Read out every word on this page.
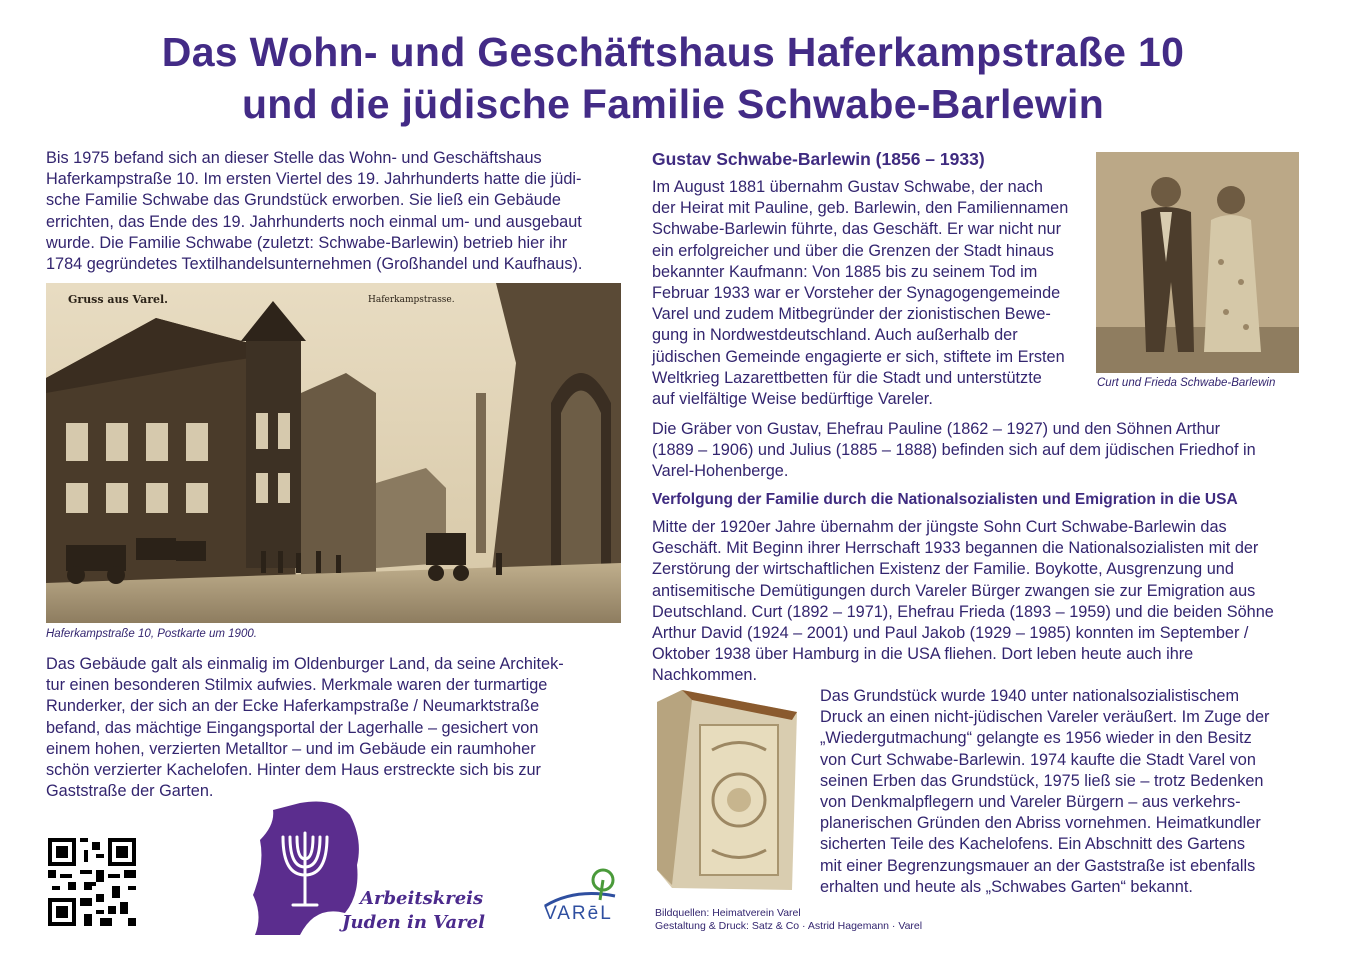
Das Wohn- und Geschäftshaus Haferkampstraße 10
und die jüdische Familie Schwabe-Barlewin
Bis 1975 befand sich an dieser Stelle das Wohn- und Geschäftshaus
Haferkampstraße 10. Im ersten Viertel des 19. Jahrhunderts hatte die jüdi-
sche Familie Schwabe das Grundstück erworben. Sie ließ ein Gebäude
errichten, das Ende des 19. Jahrhunderts noch einmal um- und ausgebaut
wurde. Die Familie Schwabe (zuletzt: Schwabe-Barlewin) betrieb hier ihr
1784 gegründetes Textilhandelsunternehmen (Großhandel und Kaufhaus).
Gruss aus Varel.	Haferkampstrasse.
Haferkampstraße 10, Postkarte um 1900.
Das Gebäude galt als einmalig im Oldenburger Land, da seine Architek-
tur einen besonderen Stilmix aufwies. Merkmale waren der turmartige
Runderker, der sich an der Ecke Haferkampstraße / Neumarktstraße
befand, das mächtige Eingangsportal der Lagerhalle – gesichert von
einem hohen, verzierten Metalltor – und im Gebäude ein raumhoher
schön verzierter Kachelofen. Hinter dem Haus erstreckte sich bis zur
Gaststraße der Garten.
Arbeitskreis
Juden in Varel	VARēL
Gustav Schwabe-Barlewin (1856 – 1933)
Im August 1881 übernahm Gustav Schwabe, der nach
der Heirat mit Pauline, geb. Barlewin, den Familiennamen
Schwabe-Barlewin führte, das Geschäft. Er war nicht nur
ein erfolgreicher und über die Grenzen der Stadt hinaus
bekannter Kaufmann: Von 1885 bis zu seinem Tod im
Februar 1933 war er Vorsteher der Synagogengemeinde
Varel und zudem Mitbegründer der zionistischen Bewe-
gung in Nordwestdeutschland. Auch außerhalb der
jüdischen Gemeinde engagierte er sich, stiftete im Ersten
Weltkrieg Lazarettbetten für die Stadt und unterstützte
auf vielfältige Weise bedürftige Vareler.
Curt und Frieda Schwabe-Barlewin
Die Gräber von Gustav, Ehefrau Pauline (1862 – 1927) und den Söhnen Arthur
(1889 – 1906) und Julius (1885 – 1888) befinden sich auf dem jüdischen Friedhof in
Varel-Hohenberge.
Verfolgung der Familie durch die Nationalsozialisten und Emigration in die USA
Mitte der 1920er Jahre übernahm der jüngste Sohn Curt Schwabe-Barlewin das
Geschäft. Mit Beginn ihrer Herrschaft 1933 begannen die Nationalsozialisten mit der
Zerstörung der wirtschaftlichen Existenz der Familie. Boykotte, Ausgrenzung und
antisemitische Demütigungen durch Vareler Bürger zwangen sie zur Emigration aus
Deutschland. Curt (1892 – 1971), Ehefrau Frieda (1893 – 1959) und die beiden Söhne
Arthur David (1924 – 2001) und Paul Jakob (1929 – 1985) konnten im September /
Oktober 1938 über Hamburg in die USA fliehen. Dort leben heute auch ihre
Nachkommen.
Das Grundstück wurde 1940 unter nationalsozialistischem
Druck an einen nicht-jüdischen Vareler veräußert. Im Zuge der
„Wiedergutmachung“ gelangte es 1956 wieder in den Besitz
von Curt Schwabe-Barlewin. 1974 kaufte die Stadt Varel von
seinen Erben das Grundstück, 1975 ließ sie – trotz Bedenken
von Denkmalpflegern und Vareler Bürgern – aus verkehrs-
planerischen Gründen den Abriss vornehmen. Heimatkundler
sicherten Teile des Kachelofens. Ein Abschnitt des Gartens
mit einer Begrenzungsmauer an der Gaststraße ist ebenfalls
erhalten und heute als „Schwabes Garten“ bekannt.
Bildquellen: Heimatverein Varel
Gestaltung & Druck: Satz & Co · Astrid Hagemann · Varel
